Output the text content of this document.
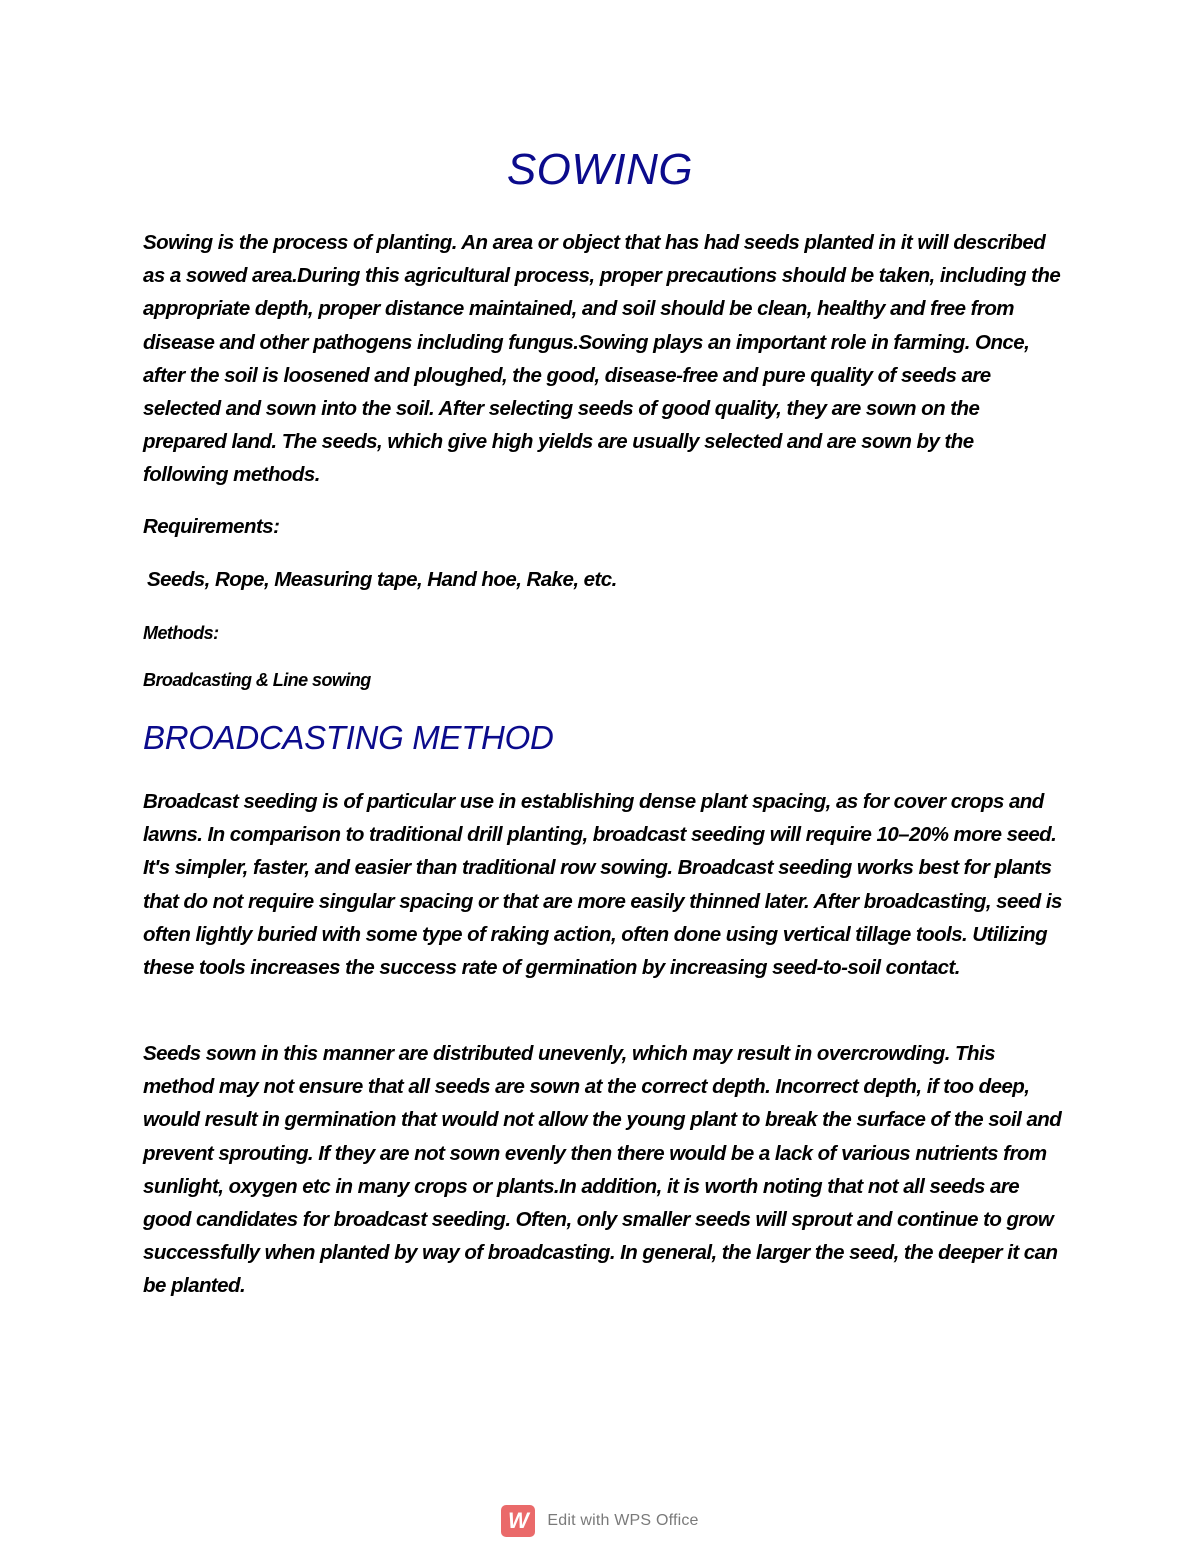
SOWING

Sowing is the process of planting. An area or object that has had seeds planted in it will described as a sowed area.During this agricultural process, proper precautions should be taken, including the appropriate depth, proper distance maintained, and soil should be clean, healthy and free from disease and other pathogens including fungus.Sowing plays an important role in farming. Once, after the soil is loosened and ploughed, the good, disease-free and pure quality of seeds are selected and sown into the soil. After selecting seeds of good quality, they are sown on the prepared land. The seeds, which give high yields are usually selected and are sown by the following methods.

Requirements:

Seeds, Rope, Measuring tape, Hand hoe, Rake, etc.

Methods:

Broadcasting & Line sowing

BROADCASTING METHOD

Broadcast seeding is of particular use in establishing dense plant spacing, as for cover crops and lawns. In comparison to traditional drill planting, broadcast seeding will require 10–20% more seed. It's simpler, faster, and easier than traditional row sowing. Broadcast seeding works best for plants that do not require singular spacing or that are more easily thinned later. After broadcasting, seed is often lightly buried with some type of raking action, often done using vertical tillage tools. Utilizing these tools increases the success rate of germination by increasing seed-to-soil contact.

Seeds sown in this manner are distributed unevenly, which may result in overcrowding. This method may not ensure that all seeds are sown at the correct depth. Incorrect depth, if too deep, would result in germination that would not allow the young plant to break the surface of the soil and prevent sprouting. If they are not sown evenly then there would be a lack of various nutrients from sunlight, oxygen etc in many crops or plants.In addition, it is worth noting that not all seeds are good candidates for broadcast seeding. Often, only smaller seeds will sprout and continue to grow successfully when planted by way of broadcasting. In general, the larger the seed, the deeper it can be planted.

W	Edit with WPS Office
